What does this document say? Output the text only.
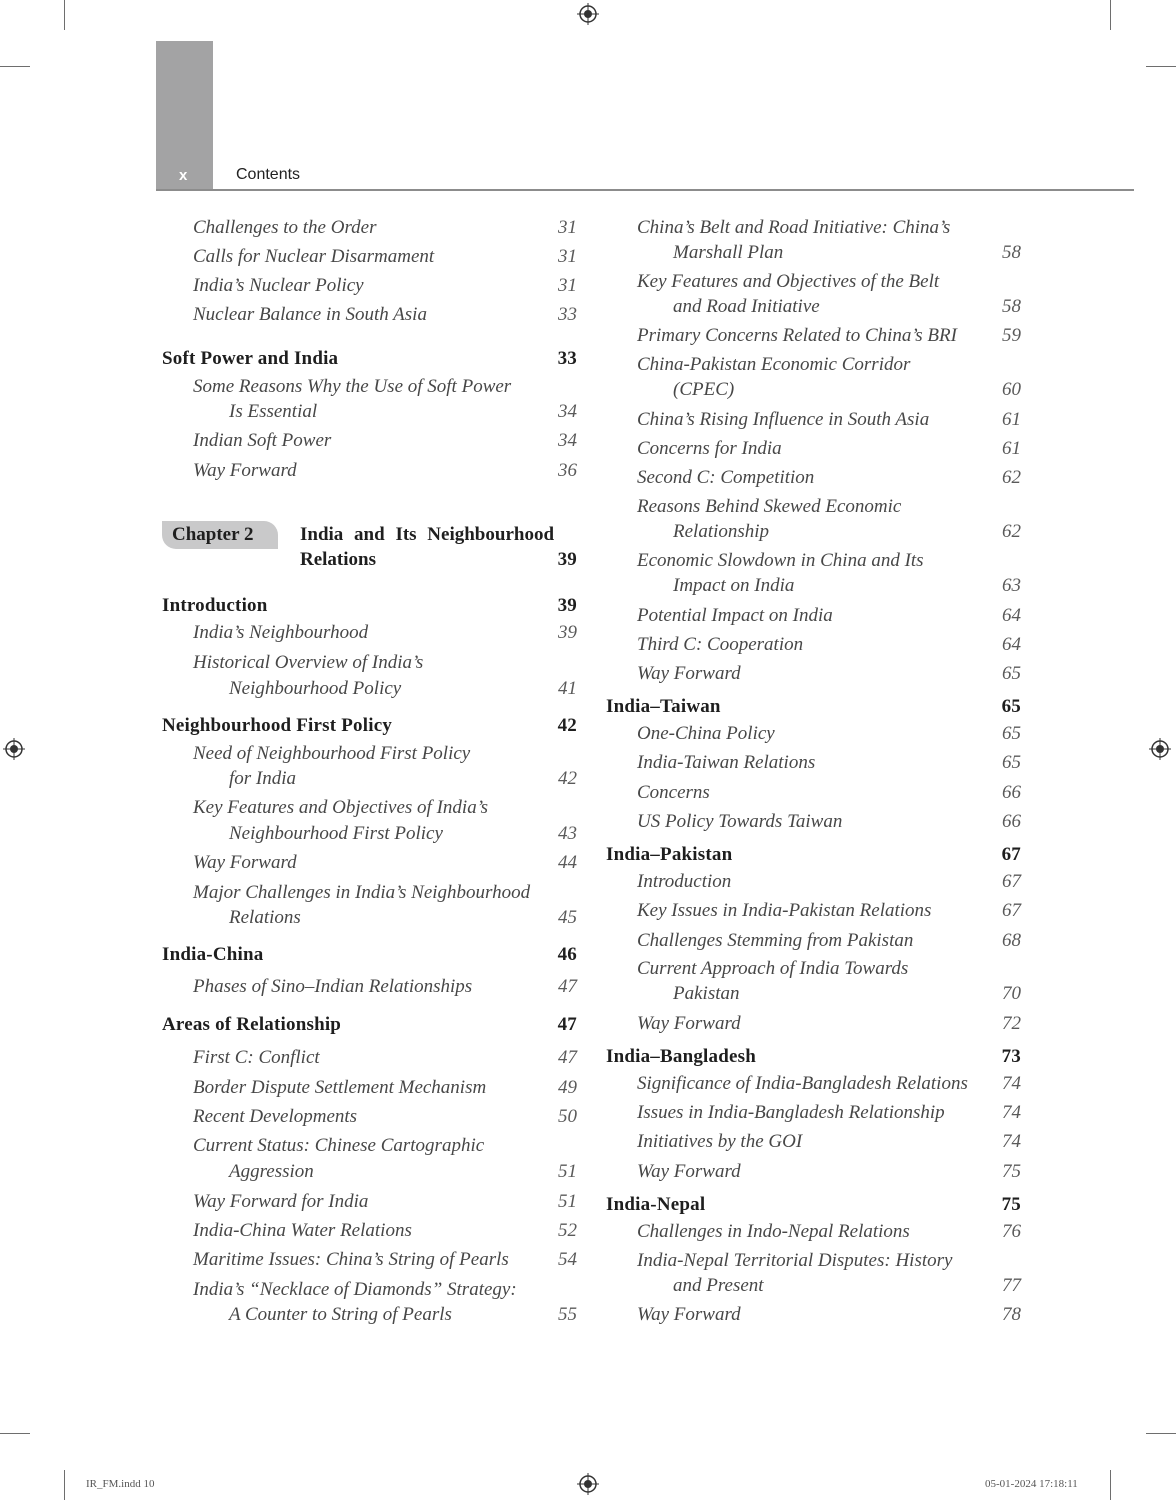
x	Contents
Chapter 2 India and Its Neighbourhood
Relations	39
Challenges to the Order	31
Calls for Nuclear Disarmament	31
India’s Nuclear Policy	31
Nuclear Balance in South Asia	33
Soft Power and India	33
Some Reasons Why the Use of Soft Power
Is Essential	34
Indian Soft Power	34
Way Forward	36
Introduction	39
India’s Neighbourhood	39
Historical Overview of India’s
Neighbourhood Policy	41
Neighbourhood First Policy	42
Need of Neighbourhood First Policy
for India	42
Key Features and Objectives of India’s
Neighbourhood First Policy	43
Way Forward	44
Major Challenges in India’s Neighbourhood
Relations	45
India-China	46
Phases of Sino–Indian Relationships	47
Areas of Relationship	47
First C: Conflict	47
Border Dispute Settlement Mechanism	49
Recent Developments	50
Current Status: Chinese Cartographic
Aggression	51
Way Forward for India	51
India-China Water Relations	52
Maritime Issues: China’s String of Pearls	54
India’s “Necklace of Diamonds” Strategy:
A Counter to String of Pearls	55
China’s Belt and Road Initiative: China’s
Marshall Plan	58
Key Features and Objectives of the Belt
and Road Initiative	58
Primary Concerns Related to China’s BRI	59
China-Pakistan Economic Corridor
(CPEC)	60
China’s Rising Influence in South Asia	61
Concerns for India	61
Second C: Competition	62
Reasons Behind Skewed Economic
Relationship	62
Economic Slowdown in China and Its
Impact on India	63
Potential Impact on India	64
Third C: Cooperation	64
Way Forward	65
India–Taiwan	65
One-China Policy	65
India-Taiwan Relations	65
Concerns	66
US Policy Towards Taiwan	66
India–Pakistan	67
Introduction	67
Key Issues in India-Pakistan Relations	67
Challenges Stemming from Pakistan	68
Current Approach of India Towards
Pakistan	70
Way Forward	72
India–Bangladesh	73
Significance of India-Bangladesh Relations	74
Issues in India-Bangladesh Relationship	74
Initiatives by the GOI	74
Way Forward	75
India-Nepal	75
Challenges in Indo-Nepal Relations	76
India-Nepal Territorial Disputes: History
and Present	77
Way Forward	78
IR_FM.indd 10	05-01-2024 17:18:11
